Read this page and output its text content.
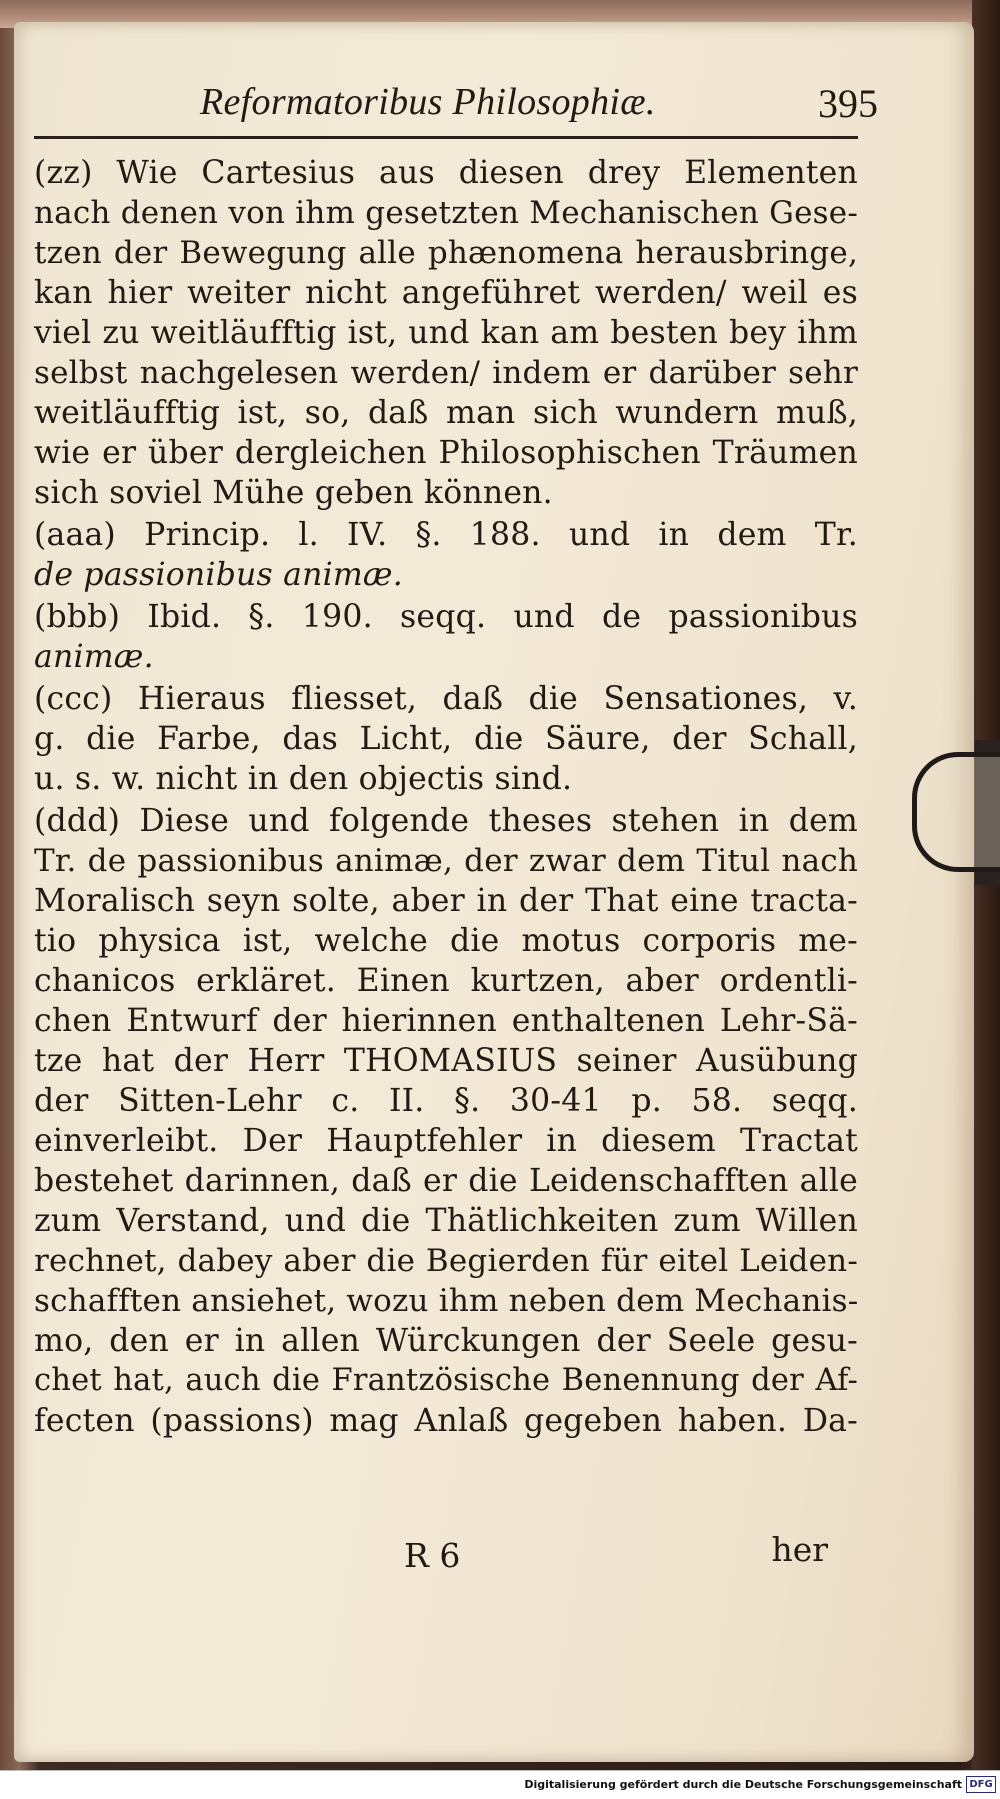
Reformatoribus Philosophiæ.	395
(zz) Wie Cartesius aus diesen drey Elementen
nach denen von ihm gesetzten Mechanischen Gese-
tzen der Bewegung alle phænomena herausbringe,
kan hier weiter nicht angeführet werden/ weil es
viel zu weitläufftig ist, und kan am besten bey ihm
selbst nachgelesen werden/ indem er darüber sehr
weitläufftig ist, so, daß man sich wundern muß,
wie er über dergleichen Philosophischen Träumen
sich soviel Mühe geben können.
(aaa) Princip. l. IV. §. 188. und in dem Tr.
de passionibus animæ.
(bbb) Ibid. §. 190. seqq. und de passionibus
animæ.
(ccc) Hieraus fliesset, daß die Sensationes, v.
g. die Farbe, das Licht, die Säure, der Schall,
u. s. w. nicht in den objectis sind.
(ddd) Diese und folgende theses stehen in dem
Tr. de passionibus animæ, der zwar dem Titul nach
Moralisch seyn solte, aber in der That eine tracta-
tio physica ist, welche die motus corporis me-
chanicos erkläret. Einen kurtzen, aber ordentli-
chen Entwurf der hierinnen enthaltenen Lehr-Sä-
tze hat der Herr THOMASIUS seiner Ausübung
der Sitten-Lehr c. II. §. 30-41 p. 58. seqq.
einverleibt. Der Hauptfehler in diesem Tractat
bestehet darinnen, daß er die Leidenschafften alle
zum Verstand, und die Thätlichkeiten zum Willen
rechnet, dabey aber die Begierden für eitel Leiden-
schafften ansiehet, wozu ihm neben dem Mechanis-
mo, den er in allen Würckungen der Seele gesu-
chet hat, auch die Frantzösische Benennung der Af-
fecten (passions) mag Anlaß gegeben haben. Da-
R 6	her
Digitalisierung gefördert durch die Deutsche Forschungsgemeinschaft DFG
